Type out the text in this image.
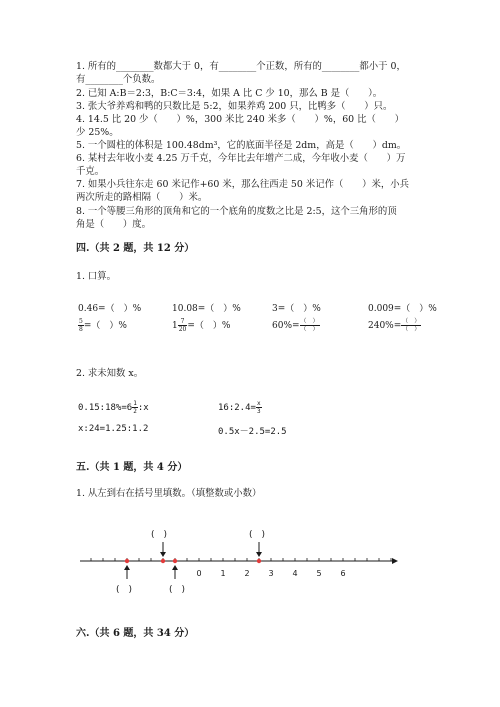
1. 所有的________数都大于 0，有________个正数，所有的________都小于 0，
有________个负数。
2. 已知 A:B＝2:3，B:C＝3:4，如果 A 比 C 少 10，那么 B 是（　　）。
3. 张大爷养鸡和鸭的只数比是 5:2，如果养鸡 200 只，比鸭多（　　）只。
4. 14.5 比 20 少（　　）%，300 米比 240 米多（　　）%，60 比（　　）
少 25%。
5. 一个圆柱的体积是 100.48dm³，它的底面半径是 2dm，高是（　　）dm。
6. 某村去年收小麦 4.25 万千克，今年比去年增产二成，今年收小麦（　　）万
千克。
7. 如果小兵往东走 60 米记作+60 米，那么往西走 50 米记作（　　）米，小兵
两次所走的路相隔（　　）米。
8. 一个等腰三角形的顶角和它的一个底角的度数之比是 2:5，这个三角形的顶
角是（　　）度。
四.（共 2 题，共 12 分）
1. 口算。
0.46=（　）%	10.08=（　）%	3=（　）%	0.009=（　）%
$\frac{5}{8}$ =（　）%	$1 \frac{7}{20}$ =（　）%	$60\%= \frac{( )}{( )}$	$240\%= \frac{( )}{( )}$
2. 求未知数 x。
0.15:18%=6 $\frac{1}{2}$ :x	16:2.4= $\frac{x}{3}$
x:24=1.25:1.2	0.5x－2.5=2.5
五.（共 1 题，共 4 分）
1. 从左到右在括号里填数。（填整数或小数）
0 1 2 3 4 5 6
(　)	(　)
(　)	(　)
六.（共 6 题，共 34 分）
